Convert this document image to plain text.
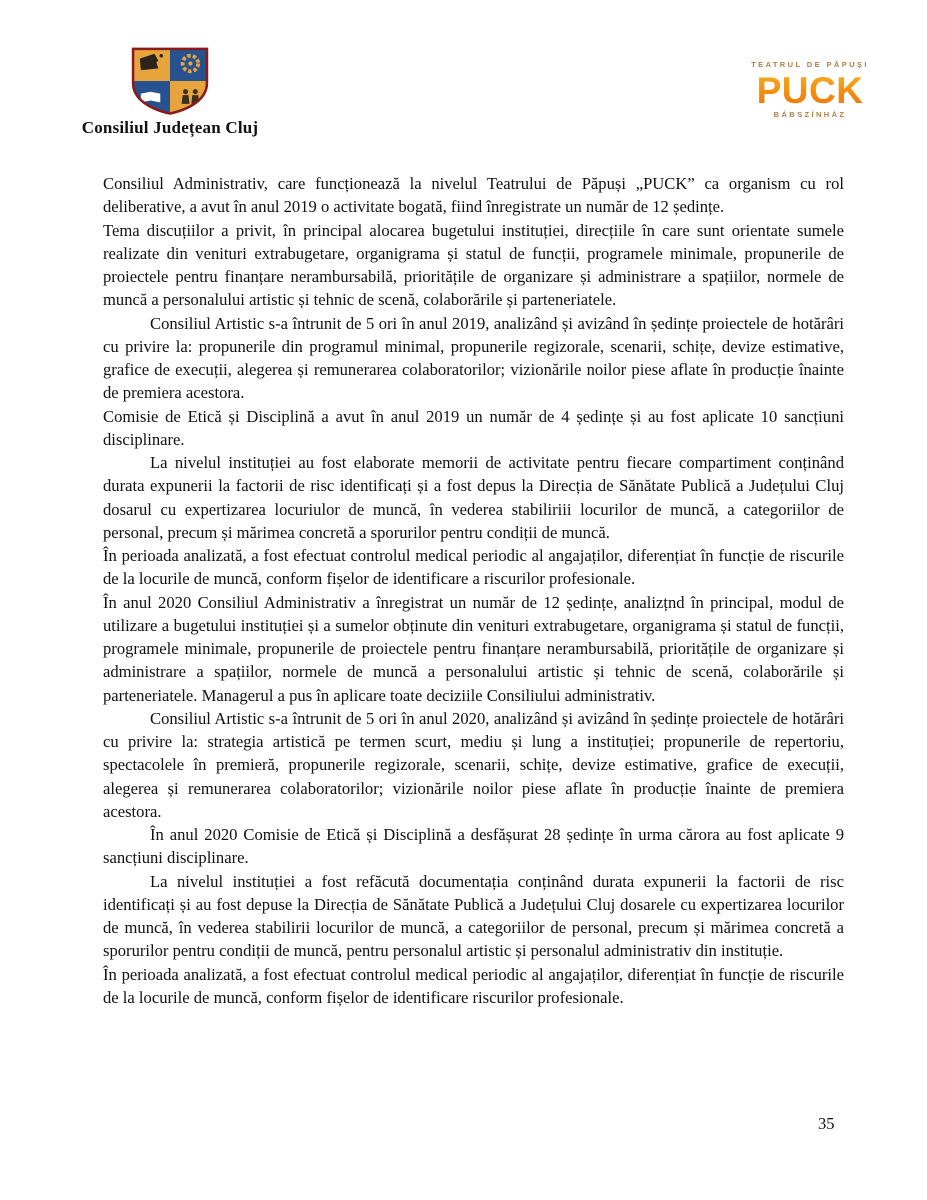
Consiliul Județean Cluj
TEATRUL DE PĂPUȘI
PUCK
BÁBSZÍNHÁZ

Consiliul Administrativ, care funcționează la nivelul Teatrului de Păpuși „PUCK” ca organism cu rol deliberative, a avut în anul 2019 o activitate bogată, fiind înregistrate un număr de 12 ședințe.

Tema discuțiilor a privit, în principal alocarea bugetului instituției, direcțiile în care sunt orientate sumele realizate din venituri extrabugetare, organigrama și statul de funcții, programele minimale, propunerile de proiectele pentru finanțare nerambursabilă, prioritățile de organizare și administrare a spațiilor, normele de muncă a personalului artistic și tehnic de scenă, colaborările și parteneriatele.

Consiliul Artistic s-a întrunit de 5 ori în anul 2019, analizând și avizând în ședințe proiectele de hotărâri cu privire la: propunerile din programul minimal, propunerile regizorale, scenarii, schițe, devize estimative, grafice de execuții, alegerea și remunerarea colaboratorilor; vizionările noilor piese aflate în producție înainte de premiera acestora.

Comisie de Etică și Disciplină a avut în anul 2019 un număr de 4 ședințe și au fost aplicate 10 sancțiuni disciplinare.

La nivelul instituției au fost elaborate memorii de activitate pentru fiecare compartiment conținând durata expunerii la factorii de risc identificați și a fost depus la Direcția de Sănătate Publică a Județului Cluj dosarul cu expertizarea locuriulor de muncă, în vederea stabiliriii locurilor de muncă, a categoriilor de personal, precum și mărimea concretă a sporurilor pentru condiții de muncă.

În perioada analizată, a fost efectuat controlul medical periodic al angajaților, diferențiat în funcție de riscurile de la locurile de muncă, conform fișelor de identificare a riscurilor profesionale.

În anul 2020 Consiliul Administrativ a înregistrat un număr de 12 ședințe, analizțnd în principal, modul de utilizare a bugetului instituției și a sumelor obținute din venituri extrabugetare, organigrama și statul de funcții, programele minimale, propunerile de proiectele pentru finanțare nerambursabilă, prioritățile de organizare și administrare a spațiilor, normele de muncă a personalului artistic și tehnic de scenă, colaborările și parteneriatele. Managerul a pus în aplicare toate deciziile Consiliului administrativ.

Consiliul Artistic s-a întrunit de 5 ori în anul 2020, analizând și avizând în ședințe proiectele de hotărâri cu privire la: strategia artistică pe termen scurt, mediu și lung a instituției; propunerile de repertoriu, spectacolele în premieră, propunerile regizorale, scenarii, schițe, devize estimative, grafice de execuții, alegerea și remunerarea colaboratorilor; vizionările noilor piese aflate în producție înainte de premiera acestora.

În anul 2020 Comisie de Etică și Disciplină a desfășurat 28 ședințe în urma cărora au fost aplicate 9 sancțiuni disciplinare.

La nivelul instituției a fost refăcută documentația conținând durata expunerii la factorii de risc identificați și au fost depuse la Direcția de Sănătate Publică a Județului Cluj dosarele cu expertizarea locurilor de muncă, în vederea stabilirii locurilor de muncă, a categoriilor de personal, precum și mărimea concretă a sporurilor pentru condiții de muncă, pentru personalul artistic și personalul administrativ din instituție.

În perioada analizată, a fost efectuat controlul medical periodic al angajaților, diferențiat în funcție de riscurile de la locurile de muncă, conform fișelor de identificare riscurilor profesionale.

35
